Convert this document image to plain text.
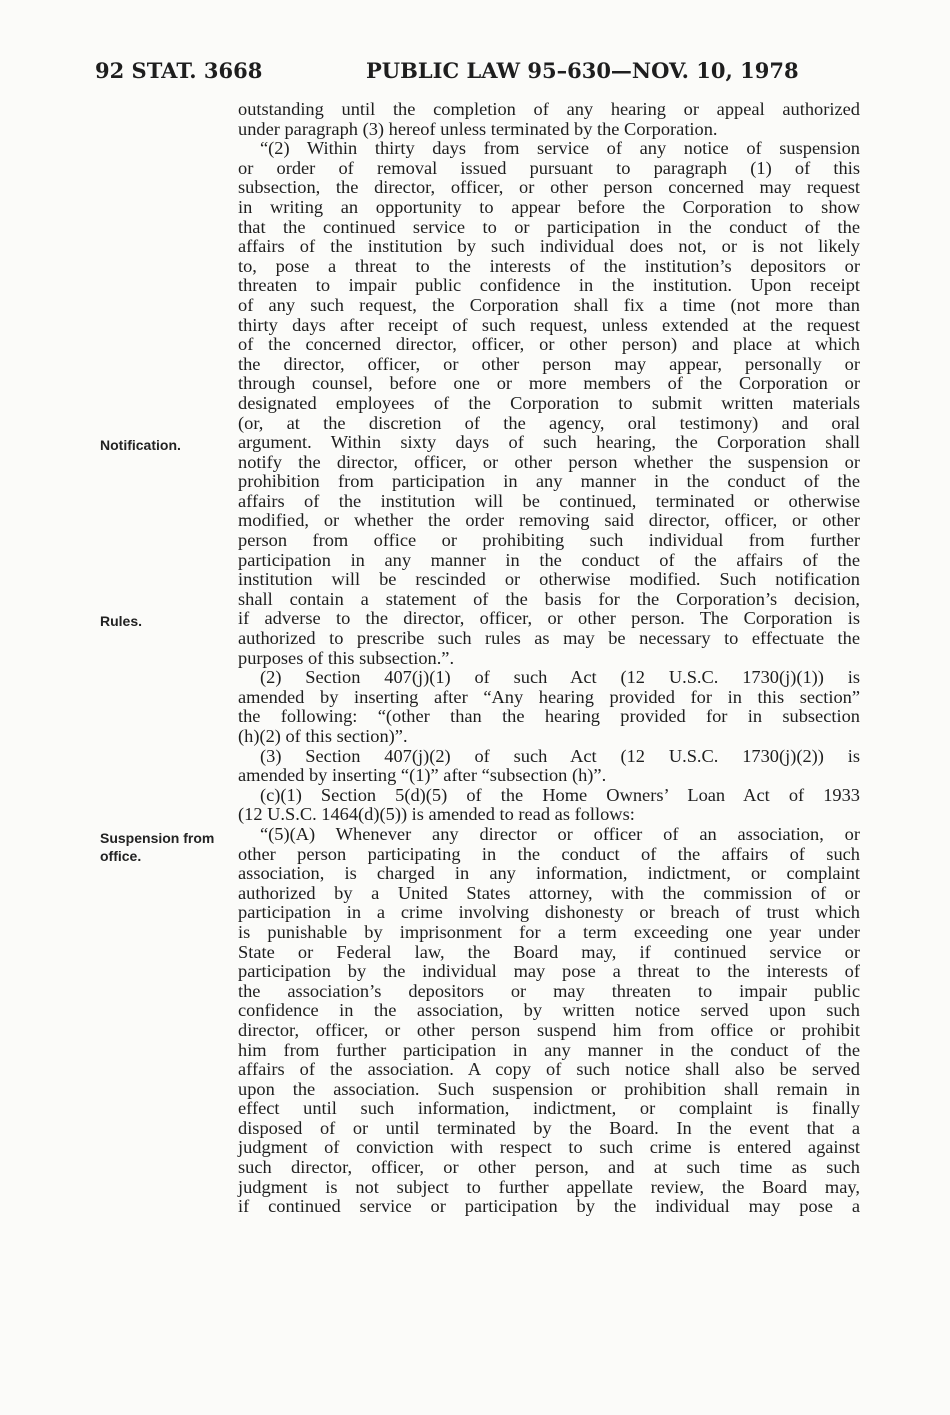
92 STAT. 3668	PUBLIC LAW 95–630—NOV. 10, 1978
Notification.
Rules.
Suspension from
office.
outstanding until the completion of any hearing or appeal authorized
under paragraph (3) hereof unless terminated by the Corporation.
“(2) Within thirty days from service of any notice of suspension
or order of removal issued pursuant to paragraph (1) of this
subsection, the director, officer, or other person concerned may request
in writing an opportunity to appear before the Corporation to show
that the continued service to or participation in the conduct of the
affairs of the institution by such individual does not, or is not likely
to, pose a threat to the interests of the institution’s depositors or
threaten to impair public confidence in the institution. Upon receipt
of any such request, the Corporation shall fix a time (not more than
thirty days after receipt of such request, unless extended at the request
of the concerned director, officer, or other person) and place at which
the director, officer, or other person may appear, personally or
through counsel, before one or more members of the Corporation or
designated employees of the Corporation to submit written materials
(or, at the discretion of the agency, oral testimony) and oral
argument. Within sixty days of such hearing, the Corporation shall
notify the director, officer, or other person whether the suspension or
prohibition from participation in any manner in the conduct of the
affairs of the institution will be continued, terminated or otherwise
modified, or whether the order removing said director, officer, or other
person from office or prohibiting such individual from further
participation in any manner in the conduct of the affairs of the
institution will be rescinded or otherwise modified. Such notification
shall contain a statement of the basis for the Corporation’s decision,
if adverse to the director, officer, or other person. The Corporation is
authorized to prescribe such rules as may be necessary to effectuate the
purposes of this subsection.”.
(2) Section 407(j)(1) of such Act (12 U.S.C. 1730(j)(1)) is
amended by inserting after “Any hearing provided for in this section”
the following: “(other than the hearing provided for in subsection
(h)(2) of this section)”.
(3) Section 407(j)(2) of such Act (12 U.S.C. 1730(j)(2)) is
amended by inserting “(1)” after “subsection (h)”.
(c)(1) Section 5(d)(5) of the Home Owners’ Loan Act of 1933
(12 U.S.C. 1464(d)(5)) is amended to read as follows:
“(5)(A) Whenever any director or officer of an association, or
other person participating in the conduct of the affairs of such
association, is charged in any information, indictment, or complaint
authorized by a United States attorney, with the commission of or
participation in a crime involving dishonesty or breach of trust which
is punishable by imprisonment for a term exceeding one year under
State or Federal law, the Board may, if continued service or
participation by the individual may pose a threat to the interests of
the association’s depositors or may threaten to impair public
confidence in the association, by written notice served upon such
director, officer, or other person suspend him from office or prohibit
him from further participation in any manner in the conduct of the
affairs of the association. A copy of such notice shall also be served
upon the association. Such suspension or prohibition shall remain in
effect until such information, indictment, or complaint is finally
disposed of or until terminated by the Board. In the event that a
judgment of conviction with respect to such crime is entered against
such director, officer, or other person, and at such time as such
judgment is not subject to further appellate review, the Board may,
if continued service or participation by the individual may pose a
